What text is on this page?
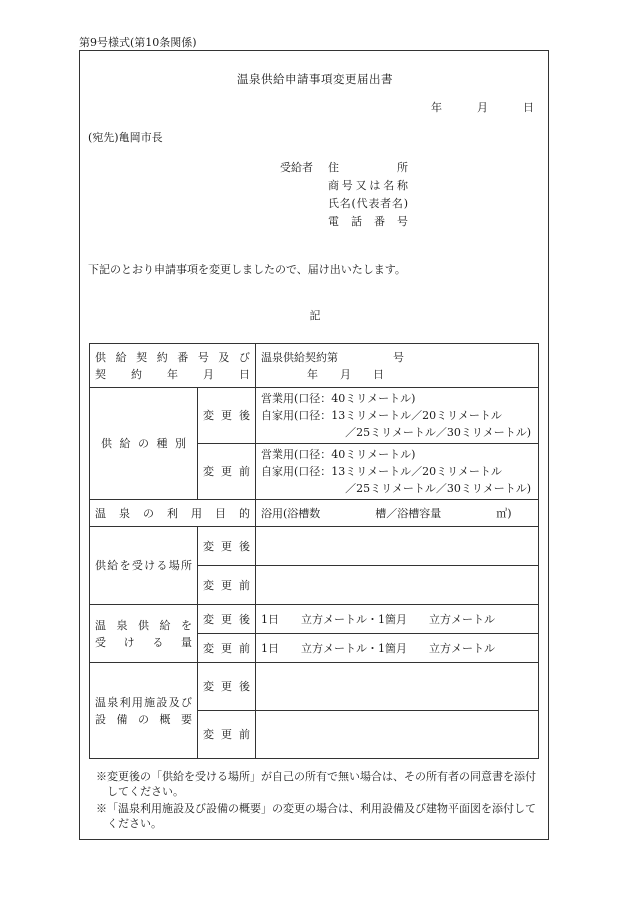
第9号様式(第10条関係)
温泉供給申請事項変更届出書
年	月	日
(宛先)亀岡市長
受給者 住　　所
商号又は名称
氏名(代表者名)
電　話　番　号
下記のとおり申請事項を変更しましたので、届け出いたします。
記
供給契約番号及び
契　約　年　月　日		温泉供給契約第　　　　　号
年　　月　　日

供給の種別	変更後	営業用(口径：40ミリメートル)
自家用(口径：13ミリメートル／20ミリメートル
／25ミリメートル／30ミリメートル)

	変更前	営業用(口径：40ミリメートル)
自家用(口径：13ミリメートル／20ミリメートル
／25ミリメートル／30ミリメートル)

温泉の利用目的		浴用(浴槽数　　　　　槽／浴槽容量　　　　　㎥)

供給を受ける場所	変更後	

	変更前	

温泉供給を
受ける量	変更後	1日　　立方メートル・1箇月　　立方メートル

	変更前	1日　　立方メートル・1箇月　　立方メートル

温泉利用施設及び
設備の概要	変更後	

	変更前	

※変更後の「供給を受ける場所」が自己の所有で無い場合は、その所有者の同意書を添付してください。

※「温泉利用施設及び設備の概要」の変更の場合は、利用設備及び建物平面図を添付してください。
